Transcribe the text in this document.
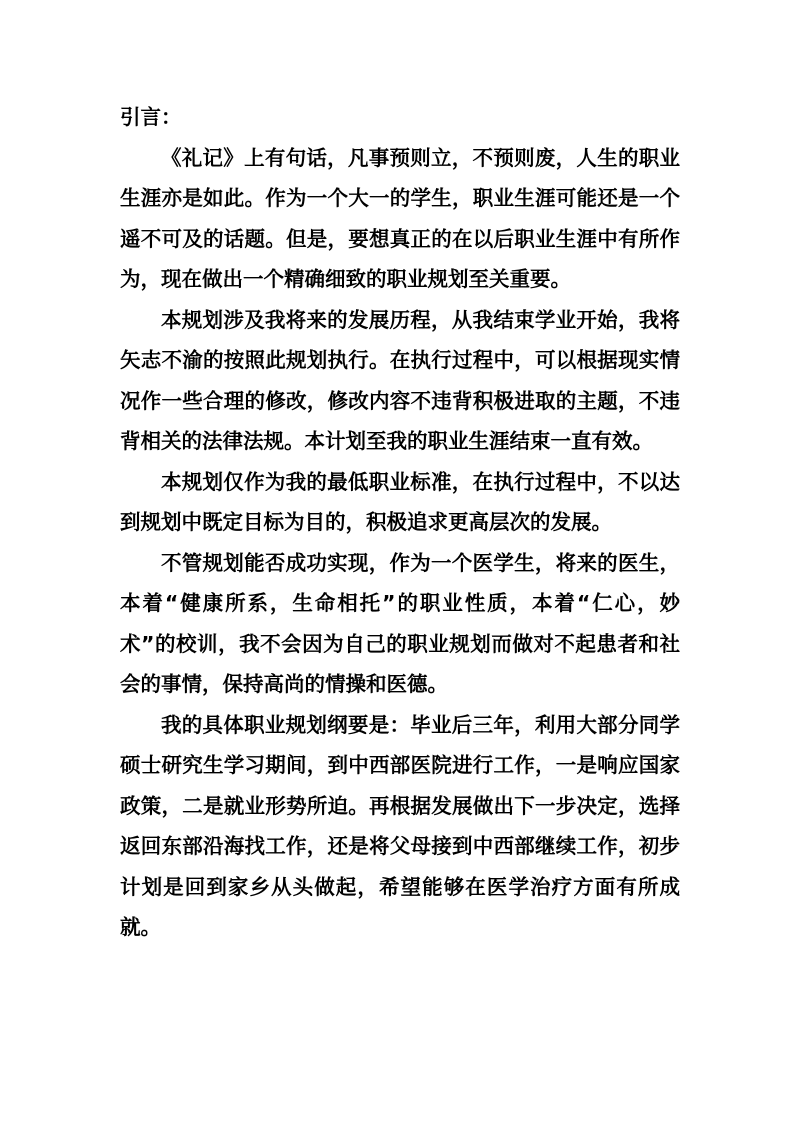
引言：

《礼记》上有句话，凡事预则立，不预则废，人生的职业生涯亦是如此。作为一个大一的学生，职业生涯可能还是一个遥不可及的话题。但是，要想真正的在以后职业生涯中有所作为，现在做出一个精确细致的职业规划至关重要。

本规划涉及我将来的发展历程，从我结束学业开始，我将矢志不渝的按照此规划执行。在执行过程中，可以根据现实情况作一些合理的修改，修改内容不违背积极进取的主题，不违背相关的法律法规。本计划至我的职业生涯结束一直有效。

本规划仅作为我的最低职业标准，在执行过程中，不以达到规划中既定目标为目的，积极追求更高层次的发展。

不管规划能否成功实现，作为一个医学生，将来的医生，本着“健康所系，生命相托”的职业性质，本着“仁心，妙术”的校训，我不会因为自己的职业规划而做对不起患者和社会的事情，保持高尚的情操和医德。

我的具体职业规划纲要是：毕业后三年，利用大部分同学硕士研究生学习期间，到中西部医院进行工作，一是响应国家政策，二是就业形势所迫。再根据发展做出下一步决定，选择返回东部沿海找工作，还是将父母接到中西部继续工作，初步计划是回到家乡从头做起，希望能够在医学治疗方面有所成就。
